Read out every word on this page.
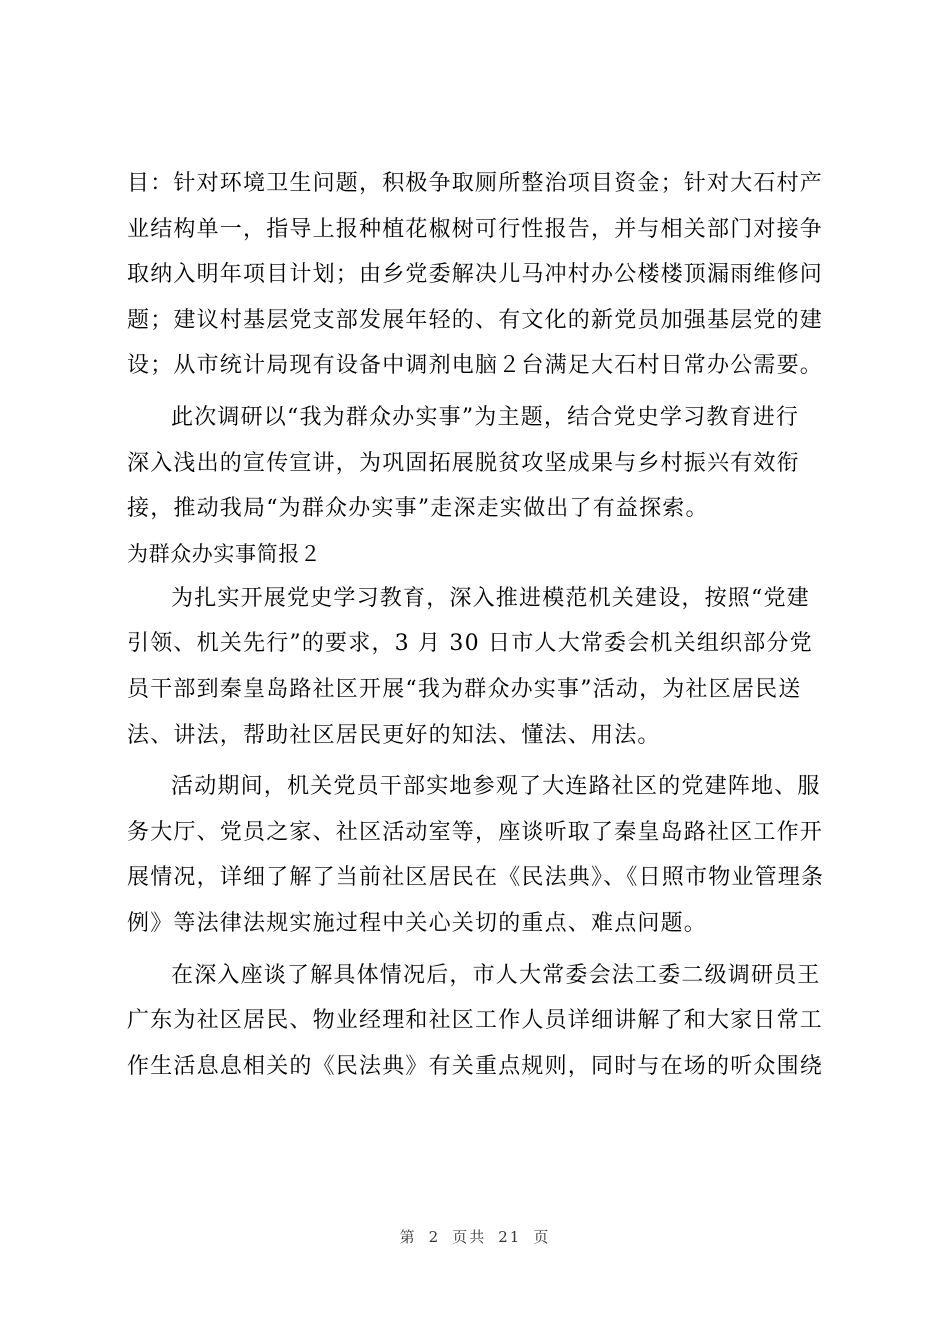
目：针对环境卫生问题，积极争取厕所整治项目资金；针对大石村产
业结构单一，指导上报种植花椒树可行性报告，并与相关部门对接争
取纳入明年项目计划；由乡党委解决儿马冲村办公楼楼顶漏雨维修问
题；建议村基层党支部发展年轻的、有文化的新党员加强基层党的建
设；从市统计局现有设备中调剂电脑２台满足大石村日常办公需要。
此次调研以“我为群众办实事”为主题，结合党史学习教育进行
深入浅出的宣传宣讲，为巩固拓展脱贫攻坚成果与乡村振兴有效衔
接，推动我局“为群众办实事”走深走实做出了有益探索。
为群众办实事简报２
为扎实开展党史学习教育，深入推进模范机关建设，按照“党建
引领、机关先行”的要求，3 月 30 日市人大常委会机关组织部分党
员干部到秦皇岛路社区开展“我为群众办实事”活动，为社区居民送
法、讲法，帮助社区居民更好的知法、懂法、用法。
活动期间，机关党员干部实地参观了大连路社区的党建阵地、服
务大厅、党员之家、社区活动室等，座谈听取了秦皇岛路社区工作开
展情况，详细了解了当前社区居民在《民法典》、《日照市物业管理条
例》等法律法规实施过程中关心关切的重点、难点问题。
在深入座谈了解具体情况后，市人大常委会法工委二级调研员王
广东为社区居民、物业经理和社区工作人员详细讲解了和大家日常工
作生活息息相关的《民法典》有关重点规则，同时与在场的听众围绕
第 2 页共 21 页
